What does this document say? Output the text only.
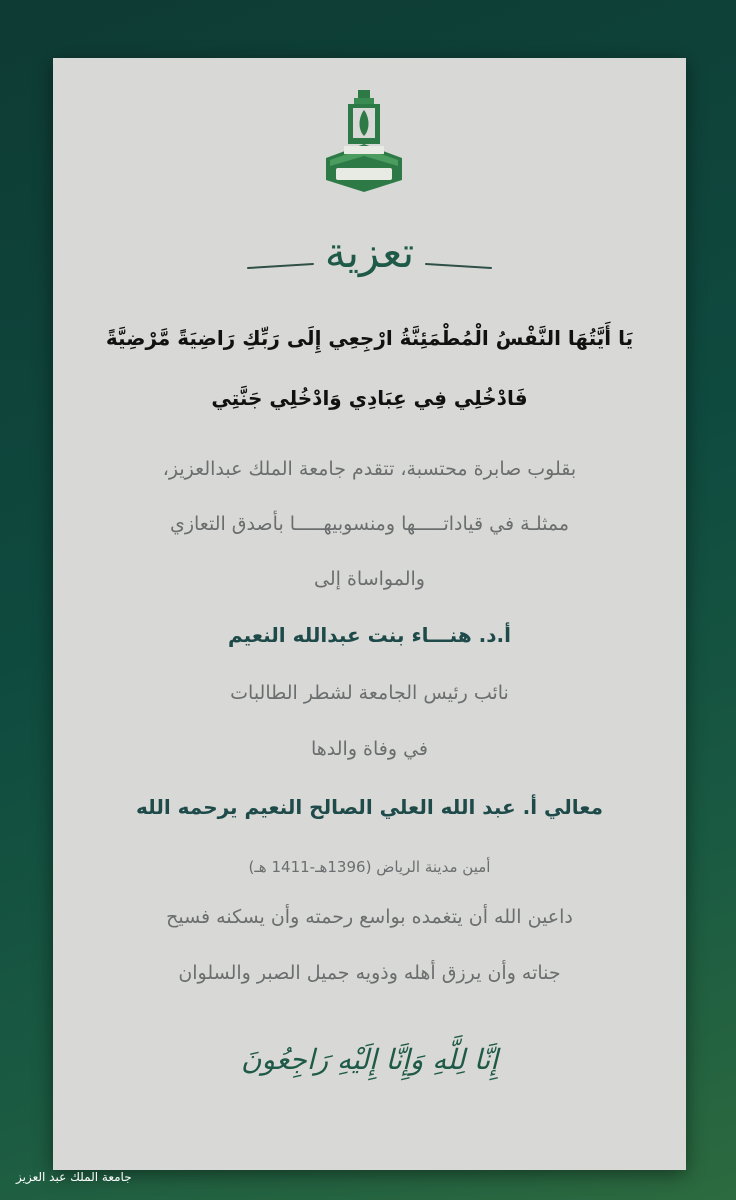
تعزية
يَا أَيَّتُهَا النَّفْسُ الْمُطْمَئِنَّةُ ارْجِعِي إِلَى رَبِّكِ رَاضِيَةً مَّرْضِيَّةً
فَادْخُلِي فِي عِبَادِي وَادْخُلِي جَنَّتِي
بقلوب صابرة محتسبة، تتقدم جامعة الملك عبدالعزيز،
ممثلـة في قياداتـــــها ومنسوبيهـــــا بأصدق التعازي
والمواساة إلى
أ.د. هنـــاء بنت عبدالله النعيم
نائب رئيس الجامعة لشطر الطالبات
في وفاة والدها
معالي أ. عبد الله العلي الصالح النعيم يرحمه الله
أمين مدينة الرياض (1396هـ-1411 هـ)
داعين الله أن يتغمده بواسع رحمته وأن يسكنه فسيح
جناته وأن يرزق أهله وذويه جميل الصبر والسلوان
إِنَّا لِلَّهِ وَإِنَّا إِلَيْهِ رَاجِعُونَ
جامعة الملك عبد العزيز
